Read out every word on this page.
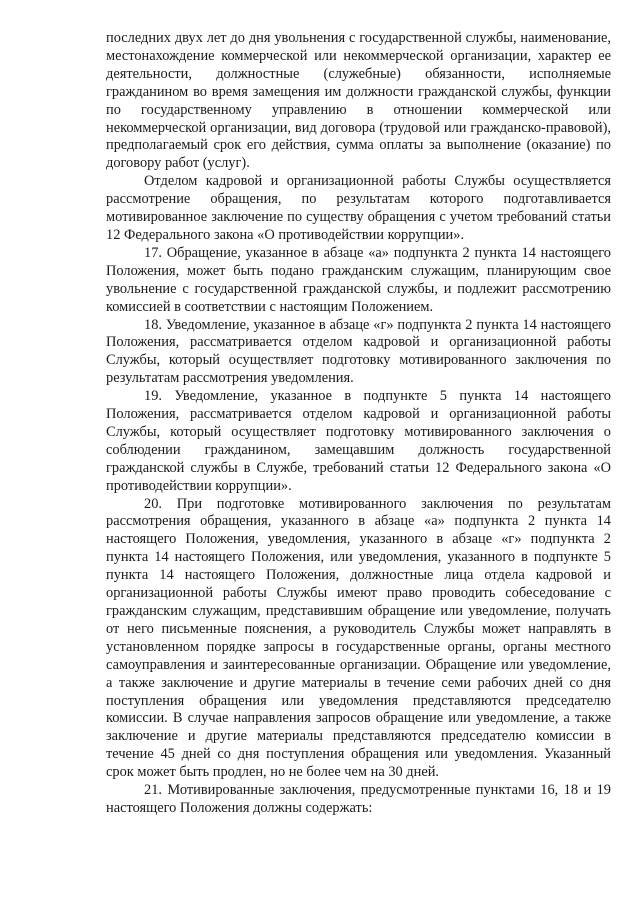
последних двух лет до дня увольнения с государственной службы, наименование, местонахождение коммерческой или некоммерческой организации, характер ее деятельности, должностные (служебные) обязанности, исполняемые гражданином во время замещения им должности гражданской службы, функции по государственному управлению в отношении коммерческой или некоммерческой организации, вид договора (трудовой или гражданско-правовой), предполагаемый срок его действия, сумма оплаты за выполнение (оказание) по договору работ (услуг).

Отделом кадровой и организационной работы Службы осуществляется рассмотрение обращения, по результатам которого подготавливается мотивированное заключение по существу обращения с учетом требований статьи 12 Федерального закона «О противодействии коррупции».

17. Обращение, указанное в абзаце «а» подпункта 2 пункта 14 настоящего Положения, может быть подано гражданским служащим, планирующим свое увольнение с государственной гражданской службы, и подлежит рассмотрению комиссией в соответствии с настоящим Положением.

18. Уведомление, указанное в абзаце «г» подпункта 2 пункта 14 настоящего Положения, рассматривается отделом кадровой и организационной работы Службы, который осуществляет подготовку мотивированного заключения по результатам рассмотрения уведомления.

19. Уведомление, указанное в подпункте 5 пункта 14 настоящего Положения, рассматривается отделом кадровой и организационной работы Службы, который осуществляет подготовку мотивированного заключения о соблюдении гражданином, замещавшим должность государственной гражданской службы в Службе, требований статьи 12 Федерального закона «О противодействии коррупции».

20. При подготовке мотивированного заключения по результатам рассмотрения обращения, указанного в абзаце «а» подпункта 2 пункта 14 настоящего Положения, уведомления, указанного в абзаце «г» подпункта 2 пункта 14 настоящего Положения, или уведомления, указанного в подпункте 5 пункта 14 настоящего Положения, должностные лица отдела кадровой и организационной работы Службы имеют право проводить собеседование с гражданским служащим, представившим обращение или уведомление, получать от него письменные пояснения, а руководитель Службы может направлять в установленном порядке запросы в государственные органы, органы местного самоуправления и заинтересованные организации. Обращение или уведомление, а также заключение и другие материалы в течение семи рабочих дней со дня поступления обращения или уведомления представляются председателю комиссии. В случае направления запросов обращение или уведомление, а также заключение и другие материалы представляются председателю комиссии в течение 45 дней со дня поступления обращения или уведомления. Указанный срок может быть продлен, но не более чем на 30 дней.

21. Мотивированные заключения, предусмотренные пунктами 16, 18 и 19 настоящего Положения должны содержать:
